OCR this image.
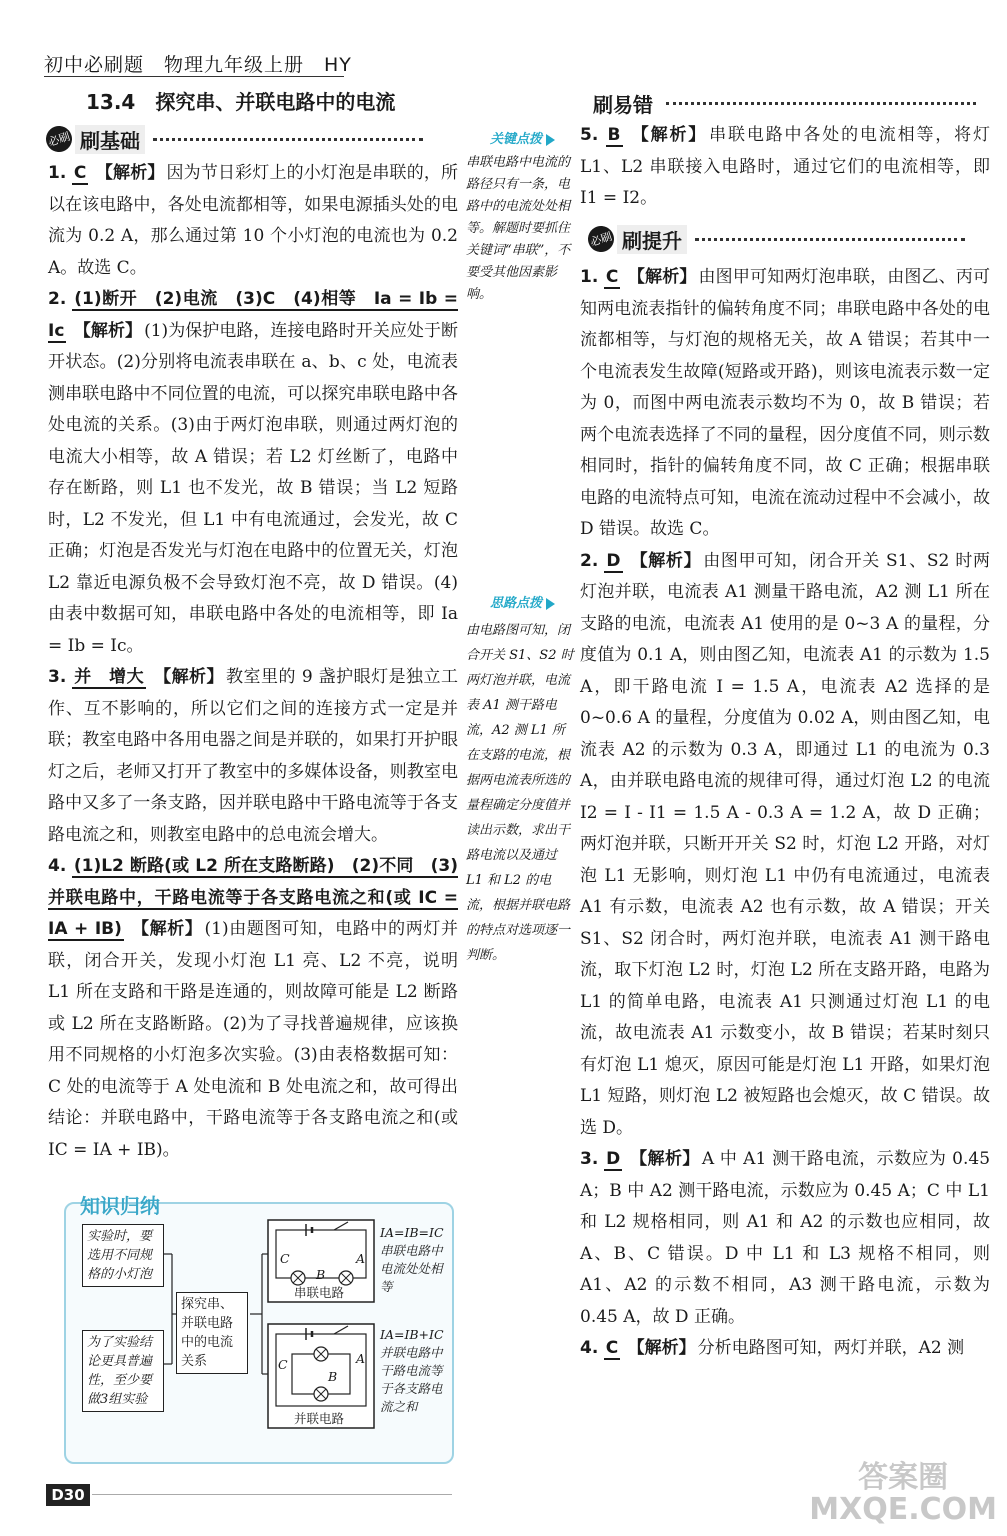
初中必刷题　物理九年级上册　HY
13.4　探究串、并联电路中的电流
必刷 刷基础
1. C 【解析】 因为节日彩灯上的小灯泡是串联的，所以在该电路中，各处电流都相等，如果电源插头处的电流为 0.2 A，那么通过第 10 个小灯泡的电流也为 0.2 A。故选 C。
2. (1)断开　(2)电流　(3)C　(4)相等　Ia = Ib = Ic 【解析】 (1)为保护电路，连接电路时开关应处于断开状态。(2)分别将电流表串联在 a、b、c 处，电流表测串联电路中不同位置的电流，可以探究串联电路中各处电流的关系。(3)由于两灯泡串联，则通过两灯泡的电流大小相等，故 A 错误；若 L2 灯丝断了，电路中存在断路，则 L1 也不发光，故 B 错误；当 L2 短路时，L2 不发光，但 L1 中有电流通过，会发光，故 C 正确；灯泡是否发光与灯泡在电路中的位置无关，灯泡 L2 靠近电源负极不会导致灯泡不亮，故 D 错误。(4)由表中数据可知，串联电路中各处的电流相等，即 Ia = Ib = Ic。
3. 并　增大 【解析】 教室里的 9 盏护眼灯是独立工作、互不影响的，所以它们之间的连接方式一定是并联；教室电路中各用电器之间是并联的，如果打开护眼灯之后，老师又打开了教室中的多媒体设备，则教室电路中又多了一条支路，因并联电路中干路电流等于各支路电流之和，则教室电路中的总电流会增大。
4. (1)L2 断路(或 L2 所在支路断路)　(2)不同　(3)并联电路中，干路电流等于各支路电流之和(或 IC = IA + IB) 【解析】 (1)由题图可知，电路中的两灯并联，闭合开关，发现小灯泡 L1 亮、L2 不亮，说明 L1 所在支路和干路是连通的，则故障可能是 L2 断路或 L2 所在支路断路。(2)为了寻找普遍规律，应该换用不同规格的小灯泡多次实验。(3)由表格数据可知：C 处的电流等于 A 处电流和 B 处电流之和，故可得出结论：并联电路中，干路电流等于各支路电流之和(或 IC = IA + IB)。
关键点拨
串联电路中电流的路径只有一条，电路中的电流处处相等。解题时要抓住关键词“串联”，不要受其他因素影响。
思路点拨
由电路图可知，闭合开关 S1、S2 时两灯泡并联，电流表 A1 测干路电流，A2 测 L1 所在支路的电流，根据两电流表所选的量程确定分度值并读出示数，求出干路电流以及通过 L1 和 L2 的电流，根据并联电路的特点对选项逐一判断。
刷易错
5. B 【解析】 串联电路中各处的电流相等，将灯 L1、L2 串联接入电路时，通过它们的电流相等，即 I1 = I2。
必刷 刷提升
1. C 【解析】 由图甲可知两灯泡串联，由图乙、丙可知两电流表指针的偏转角度不同；串联电路中各处的电流都相等，与灯泡的规格无关，故 A 错误；若其中一个电流表发生故障(短路或开路)，则该电流表示数一定为 0，而图中两电流表示数均不为 0，故 B 错误；若两个电流表选择了不同的量程，因分度值不同，则示数相同时，指针的偏转角度不同，故 C 正确；根据串联电路的电流特点可知，电流在流动过程中不会减小，故 D 错误。故选 C。
2. D 【解析】 由图甲可知，闭合开关 S1、S2 时两灯泡并联，电流表 A1 测量干路电流，A2 测 L1 所在支路的电流，电流表 A1 使用的是 0~3 A 的量程，分度值为 0.1 A，则由图乙知，电流表 A1 的示数为 1.5 A，即干路电流 I = 1.5 A，电流表 A2 选择的是 0~0.6 A 的量程，分度值为 0.02 A，则由图乙知，电流表 A2 的示数为 0.3 A，即通过 L1 的电流为 0.3 A，由并联电路电流的规律可得，通过灯泡 L2 的电流 I2 = I - I1 = 1.5 A - 0.3 A = 1.2 A，故 D 正确；两灯泡并联，只断开开关 S2 时，灯泡 L2 开路，对灯泡 L1 无影响，则灯泡 L1 中仍有电流通过，电流表 A1 有示数，电流表 A2 也有示数，故 A 错误；开关 S1、S2 闭合时，两灯泡并联，电流表 A1 测干路电流，取下灯泡 L2 时，灯泡 L2 所在支路开路，电路为 L1 的简单电路，电流表 A1 只测通过灯泡 L1 的电流，故电流表 A1 示数变小，故 B 错误；若某时刻只有灯泡 L1 熄灭，原因可能是灯泡 L1 开路，如果灯泡 L1 短路，则灯泡 L2 被短路也会熄灭，故 C 错误。故选 D。
3. D 【解析】 A 中 A1 测干路电流，示数应为 0.45 A；B 中 A2 测干路电流，示数应为 0.45 A；C 中 L1 和 L2 规格相同，则 A1 和 A2 的示数也应相同，故 A、B、C 错误。D 中 L1 和 L3 规格不相同，则 A1、A2 的示数不相同，A3 测干路电流，示数为 0.45 A，故 D 正确。
4. C 【解析】 分析电路图可知，两灯并联，A2 测
实验时，要选用不同规格的小灯泡
为了实验结论更具普遍性，至少要做3组实验
探究串、并联电路中的电流关系
C
B
A
串联电路
C
B
A
并联电路
IA=IB=IC
串联电路中电流处处相等
IA=IB+IC
并联电路中干路电流等于各支路电流之和
知识归纳
D30	答案圈
MXQE.COM
